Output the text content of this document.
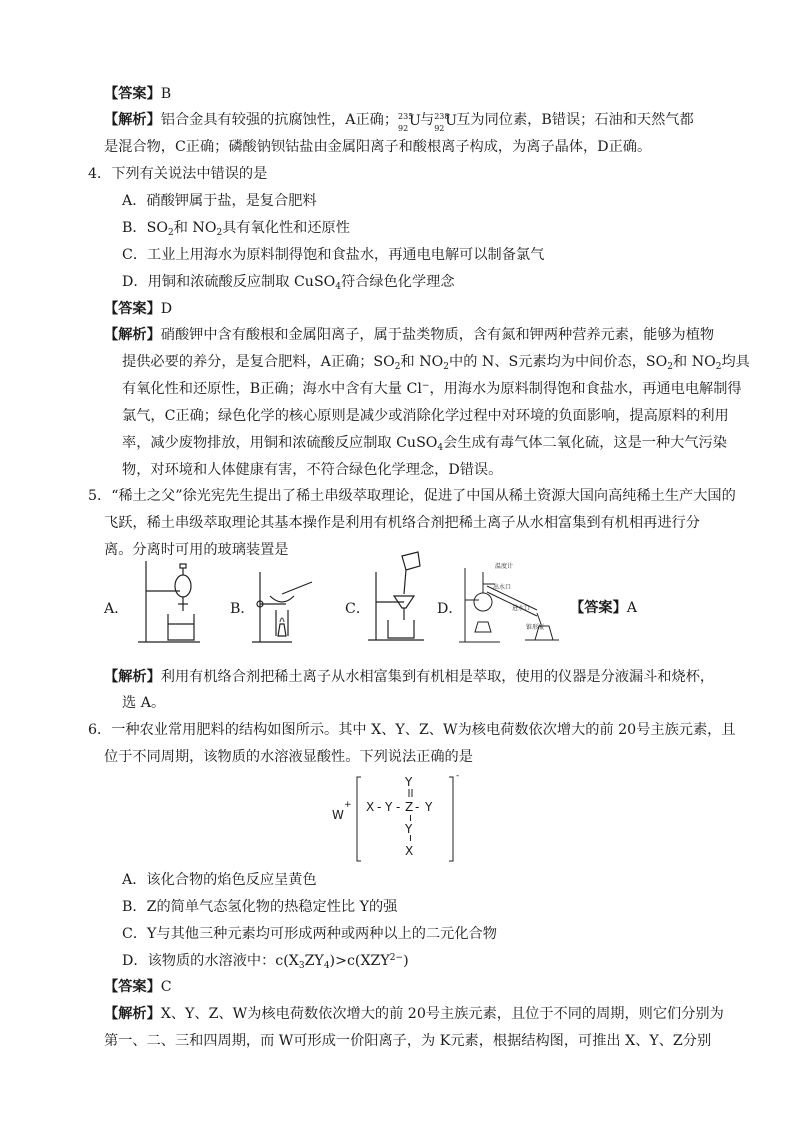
【答案】B
【解析】铝合金具有较强的抗腐蚀性，A正确； 235
92 U 与 238
92 U 互为同位素，B错误；石油和天然气都
是混合物，C正确；磷酸钠钡钴盐由金属阳离子和酸根离子构成，为离子晶体，D正确。
4．下列有关说法中错误的是
A．硝酸钾属于盐，是复合肥料
B．$SO_2$和 $NO_2$具有氧化性和还原性
C．工业上用海水为原料制得饱和食盐水，再通电电解可以制备氯气
D．用铜和浓硫酸反应制取 CuSO$_4$符合绿色化学理念
【答案】D
【解析】硝酸钾中含有酸根和金属阳离子，属于盐类物质，含有氮和钾两种营养元素，能够为植物
提供必要的养分，是复合肥料，A正确；$SO_2$和 $NO_2$中的 N、S元素均为中间价态，$SO_2$和 $NO_2$均具
有氧化性和还原性，B正确；海水中含有大量 Cl−，用海水为原料制得饱和食盐水，再通电电解制得
氯气，C正确；绿色化学的核心原则是减少或消除化学过程中对环境的负面影响，提高原料的利用
率，减少废物排放，用铜和浓硫酸反应制取 CuSO$_4$会生成有毒气体二氧化硫，这是一种大气污染
物，对环境和人体健康有害，不符合绿色化学理念，D错误。
5．“稀土之父”徐光宪先生提出了稀土串级萃取理论，促进了中国从稀土资源大国向高纯稀土生产大国的
飞跃，稀土串级萃取理论其基本操作是利用有机络合剂把稀土离子从水相富集到有机相再进行分
离。分离时可用的玻璃装置是
A．	B．	C．	D．
温度计
出水口
进水口
锥形瓶
【答案】A
【解析】利用有机络合剂把稀土离子从水相富集到有机相是萃取，使用的仪器是分液漏斗和烧杯，
选 A。
6．一种农业常用肥料的结构如图所示。其中 X、Y、Z、W为核电荷数依次增大的前 20号主族元素，且
位于不同周期，该物质的水溶液显酸性。下列说法正确的是
W
+
Y
X - Y - Z - Y
Y
X
-
A．该化合物的焰色反应呈黄色
B．Z的简单气态氢化物的热稳定性比 Y的强
C．Y与其他三种元素均可形成两种或两种以上的二元化合物
D．该物质的水溶液中：$c(X_3ZY_4)>c(XZY^{2-})$
【答案】C
【解析】X、Y、Z、W为核电荷数依次增大的前 20号主族元素，且位于不同的周期，则它们分别为
第一、二、三和四周期，而 W可形成一价阳离子，为 K元素，根据结构图，可推出 X、Y、Z分别
